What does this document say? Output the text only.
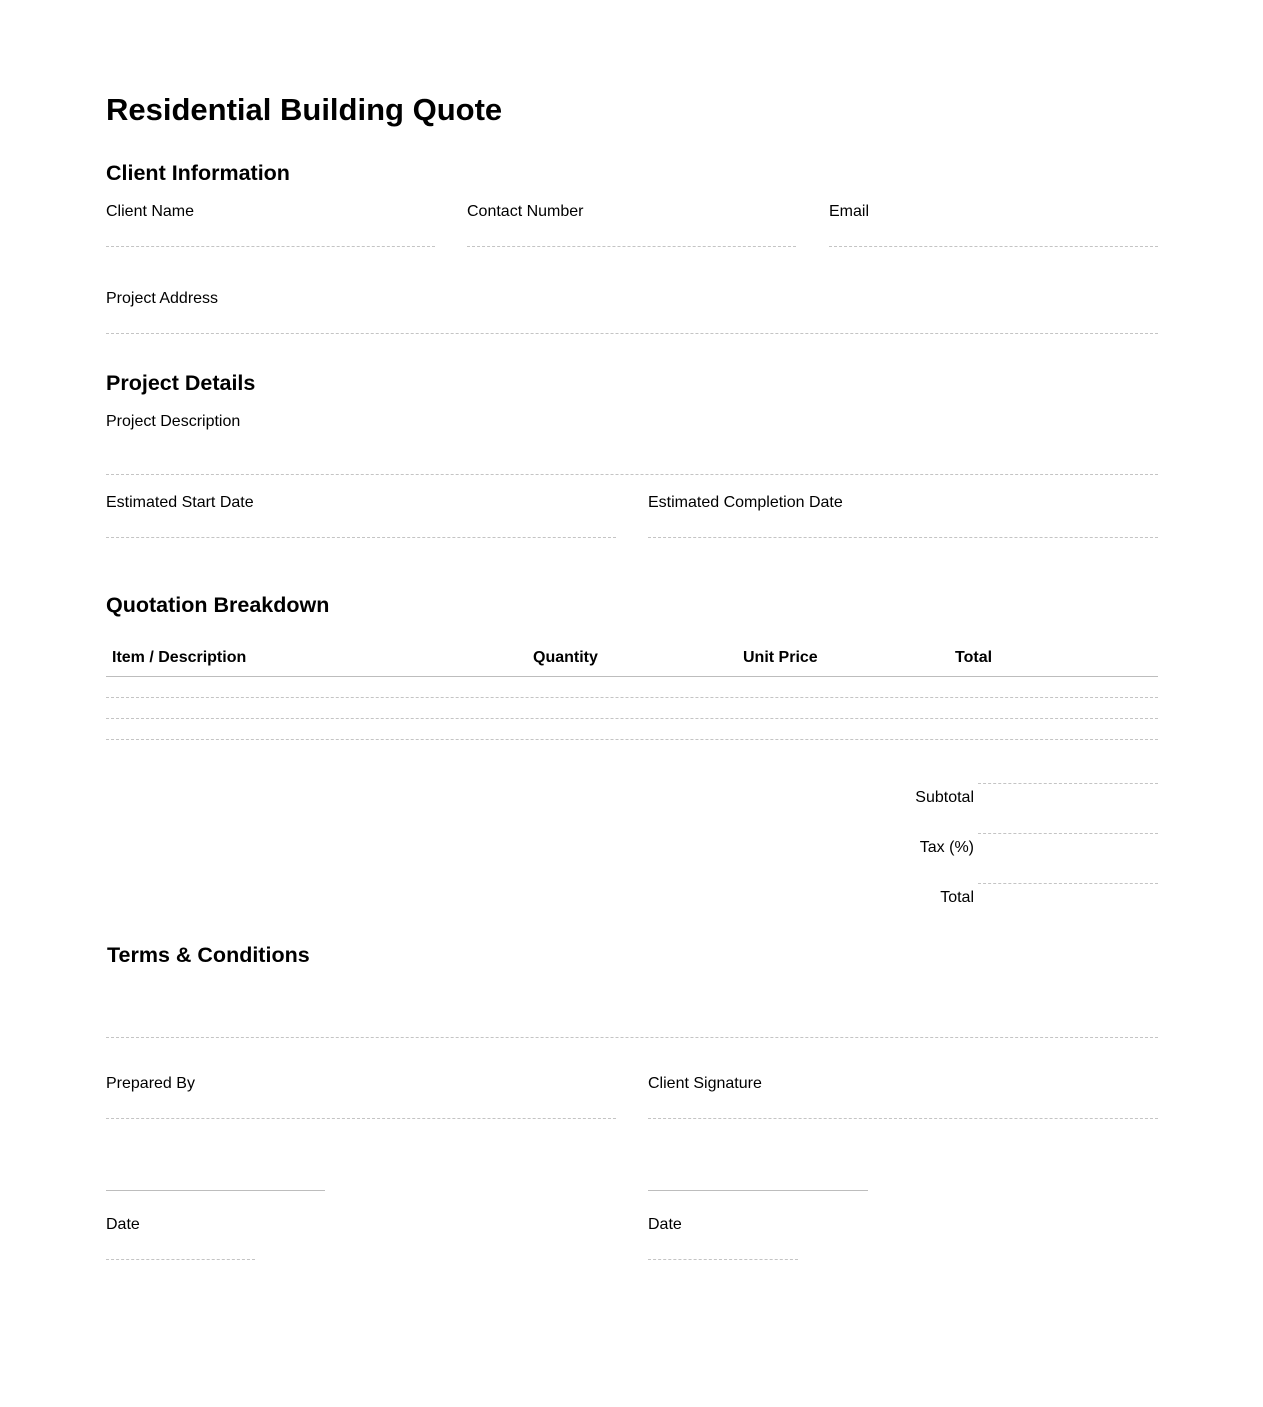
Residential Building Quote
Client Information
Client Name	Contact Number	Email
Project Address
Project Details
Project Description
Estimated Start Date	Estimated Completion Date
Quotation Breakdown
Item / Description	Quantity	Unit Price	Total
Subtotal
Tax (%)
Total
Terms & Conditions
Prepared By	Client Signature
Date	Date
